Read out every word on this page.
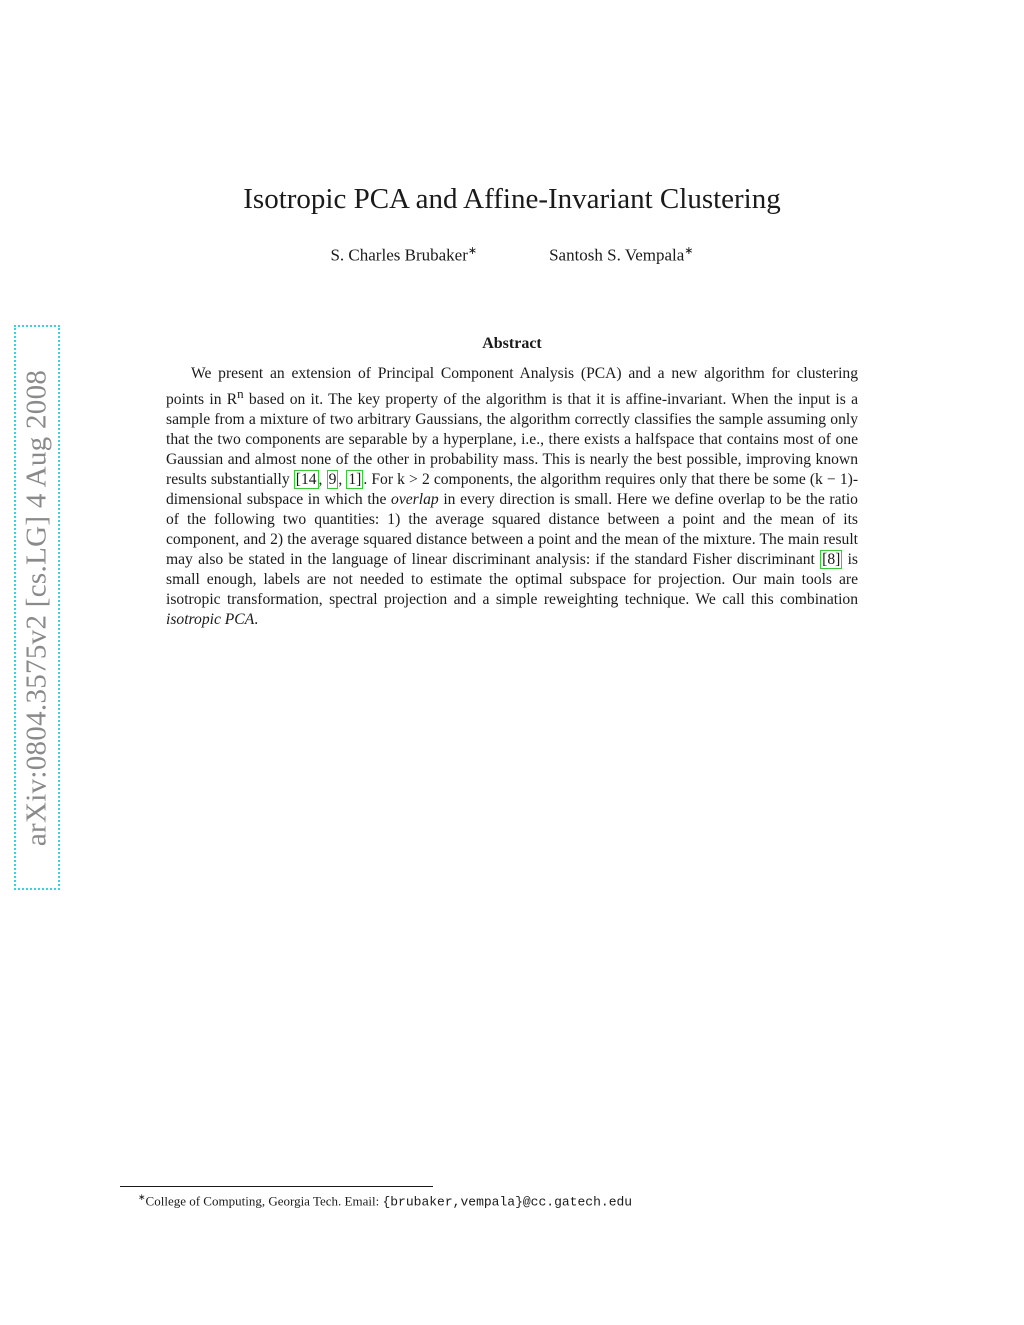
arXiv:0804.3575v2 [cs.LG] 4 Aug 2008
Isotropic PCA and Affine-Invariant Clustering
S. Charles Brubaker∗	Santosh S. Vempala∗
Abstract

We present an extension of Principal Component Analysis (PCA) and a new algorithm for clustering points in $R^n$ based on it. The key property of the algorithm is that it is affine-invariant. When the input is a sample from a mixture of two arbitrary Gaussians, the algorithm correctly classifies the sample assuming only that the two components are separable by a hyperplane, i.e., there exists a halfspace that contains most of one Gaussian and almost none of the other in probability mass. This is nearly the best possible, improving known results substantially [14 , 9 , 1] . For k > 2 components, the algorithm requires only that there be some (k − 1)-dimensional subspace in which the overlap in every direction is small. Here we define overlap to be the ratio of the following two quantities: 1) the average squared distance between a point and the mean of its component, and 2) the average squared distance between a point and the mean of the mixture. The main result may also be stated in the language of linear discriminant analysis: if the standard Fisher discriminant [8] is small enough, labels are not needed to estimate the optimal subspace for projection. Our main tools are isotropic transformation, spectral projection and a simple reweighting technique. We call this combination isotropic PCA.

∗College of Computing, Georgia Tech. Email: {brubaker,vempala}@cc.gatech.edu
